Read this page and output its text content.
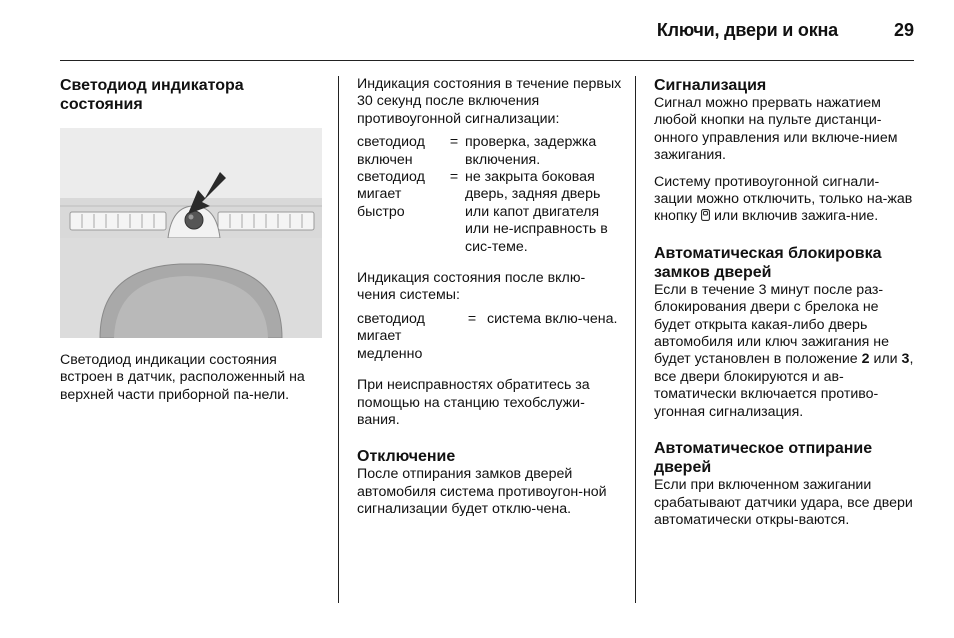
Ключи, двери и окна	29
Светодиод индикатора состояния

Светодиод индикации состояния встроен в датчик, расположенный на верхней части приборной па-нели.

Индикация состояния в течение первых 30 секунд после включения противоугонной сигнализации:

светодиод включен
= проверка, задержка включения.
светодиод мигает быстро
= не закрыта боковая дверь, задняя дверь или капот двигателя или не-исправность в сис-теме.

Индикация состояния после вклю-чения системы:

светодиод мигает медленно
= система вклю-чена.

При неисправностях обратитесь за помощью на станцию техобслужи-вания.

Отключение

После отпирания замков дверей автомобиля система противоугон-ной сигнализации будет отклю-чена.

Сигнализация

Сигнал можно прервать нажатием любой кнопки на пульте дистанци-онного управления или включе-нием зажигания.

Систему противоугонной сигнали-зации можно отключить, только на-жав кнопку или включив зажига-ние.

Автоматическая блокировка замков дверей

Если в течение 3 минут после раз-блокирования двери с брелока не будет открыта какая-либо дверь автомобиля или ключ зажигания не будет установлен в положение 2 или 3, все двери блокируются и ав-томатически включается противо-угонная сигнализация.

Автоматическое отпирание дверей

Если при включенном зажигании срабатывают датчики удара, все двери автоматически откры-ваются.
